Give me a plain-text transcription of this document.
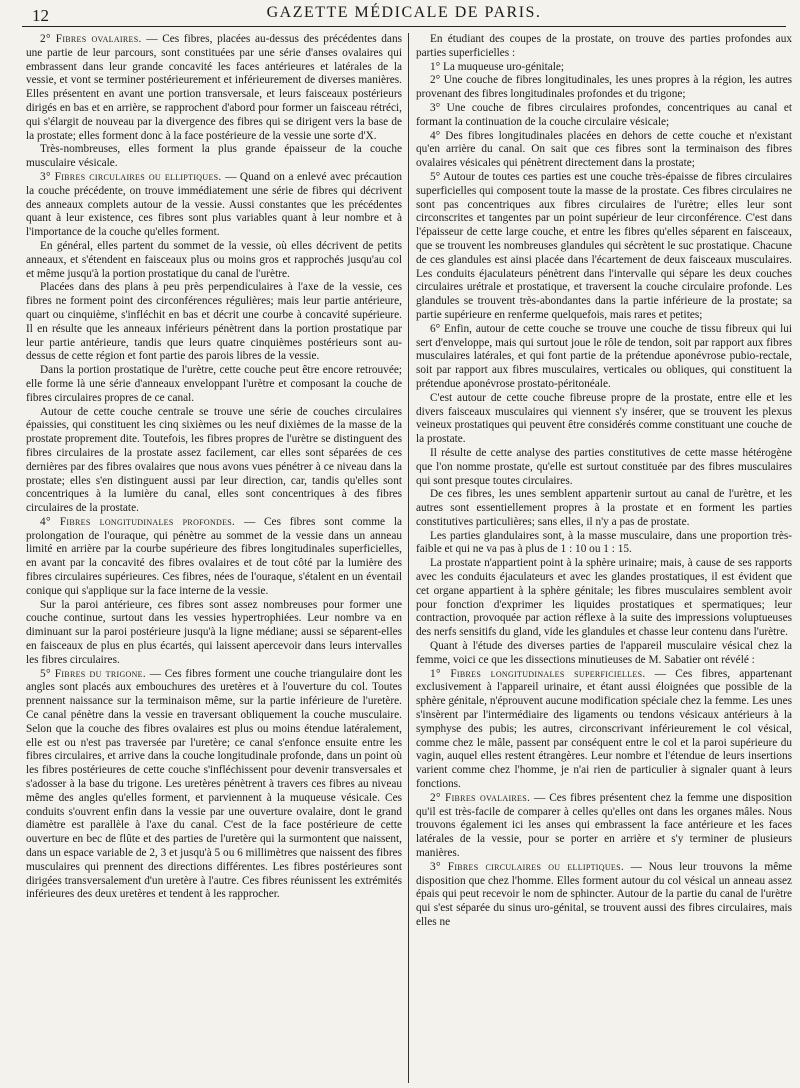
12	GAZETTE MÉDICALE DE PARIS.

2° Fibres ovalaires. — Ces fibres, placées au-dessus des précédentes dans une partie de leur parcours, sont constituées par une série d'anses ovalaires qui embrassent dans leur grande concavité les faces antérieures et latérales de la vessie, et vont se terminer postérieurement et inférieurement de diverses manières. Elles présentent en avant une portion transversale, et leurs faisceaux postérieurs dirigés en bas et en arrière, se rapprochent d'abord pour former un faisceau rétréci, qui s'élargit de nouveau par la divergence des fibres qui se dirigent vers la base de la prostate; elles forment donc à la face postérieure de la vessie une sorte d'X.

Très-nombreuses, elles forment la plus grande épaisseur de la couche musculaire vésicale.

3° Fibres circulaires ou elliptiques. — Quand on a enlevé avec précaution la couche précédente, on trouve immédiatement une série de fibres qui décrivent des anneaux complets autour de la vessie. Aussi constantes que les précédentes quant à leur existence, ces fibres sont plus variables quant à leur nombre et à l'importance de la couche qu'elles forment.

En général, elles partent du sommet de la vessie, où elles décrivent de petits anneaux, et s'étendent en faisceaux plus ou moins gros et rapprochés jusqu'au col et même jusqu'à la portion prostatique du canal de l'urètre.

Placées dans des plans à peu près perpendiculaires à l'axe de la vessie, ces fibres ne forment point des circonférences régulières; mais leur partie antérieure, quart ou cinquième, s'infléchit en bas et décrit une courbe à concavité supérieure. Il en résulte que les anneaux inférieurs pénètrent dans la portion prostatique par leur partie antérieure, tandis que leurs quatre cinquièmes postérieurs sont au-dessus de cette région et font partie des parois libres de la vessie.

Dans la portion prostatique de l'urètre, cette couche peut être encore retrouvée; elle forme là une série d'anneaux enveloppant l'urètre et composant la couche de fibres circulaires propres de ce canal.

Autour de cette couche centrale se trouve une série de couches circulaires épaissies, qui constituent les cinq sixièmes ou les neuf dixièmes de la masse de la prostate proprement dite. Toutefois, les fibres propres de l'urètre se distinguent des fibres circulaires de la prostate assez facilement, car elles sont séparées de ces dernières par des fibres ovalaires que nous avons vues pénétrer à ce niveau dans la prostate; elles s'en distinguent aussi par leur direction, car, tandis qu'elles sont concentriques à la lumière du canal, elles sont concentriques à des fibres circulaires de la prostate.

4° Fibres longitudinales profondes. — Ces fibres sont comme la prolongation de l'ouraque, qui pénètre au sommet de la vessie dans un anneau limité en arrière par la courbe supérieure des fibres longitudinales superficielles, en avant par la concavité des fibres ovalaires et de tout côté par la lumière des fibres circulaires supérieures. Ces fibres, nées de l'ouraque, s'étalent en un éventail conique qui s'applique sur la face interne de la vessie.

Sur la paroi antérieure, ces fibres sont assez nombreuses pour former une couche continue, surtout dans les vessies hypertrophiées. Leur nombre va en diminuant sur la paroi postérieure jusqu'à la ligne médiane; aussi se séparent-elles en faisceaux de plus en plus écartés, qui laissent apercevoir dans leurs intervalles les fibres circulaires.

5° Fibres du trigone. — Ces fibres forment une couche triangulaire dont les angles sont placés aux embouchures des uretères et à l'ouverture du col. Toutes prennent naissance sur la terminaison même, sur la partie inférieure de l'uretère. Ce canal pénètre dans la vessie en traversant obliquement la couche musculaire. Selon que la couche des fibres ovalaires est plus ou moins étendue latéralement, elle est ou n'est pas traversée par l'uretère; ce canal s'enfonce ensuite entre les fibres circulaires, et arrive dans la couche longitudinale profonde, dans un point où les fibres postérieures de cette couche s'infléchissent pour devenir transversales et s'adosser à la base du trigone. Les uretères pénètrent à travers ces fibres au niveau même des angles qu'elles forment, et parviennent à la muqueuse vésicale. Ces conduits s'ouvrent enfin dans la vessie par une ouverture ovalaire, dont le grand diamètre est parallèle à l'axe du canal. C'est de la face postérieure de cette ouverture en bec de flûte et des parties de l'uretère qui la surmontent que naissent, dans un espace variable de 2, 3 et jusqu'à 5 ou 6 millimètres que naissent des fibres musculaires qui prennent des directions différentes. Les fibres postérieures sont dirigées transversalement d'un uretère à l'autre. Ces fibres réunissent les extrémités inférieures des deux uretères et tendent à les rapprocher.

En étudiant des coupes de la prostate, on trouve des parties profondes aux parties superficielles :

1° La muqueuse uro-génitale;

2° Une couche de fibres longitudinales, les unes propres à la région, les autres provenant des fibres longitudinales profondes et du trigone;

3° Une couche de fibres circulaires profondes, concentriques au canal et formant la continuation de la couche circulaire vésicale;

4° Des fibres longitudinales placées en dehors de cette couche et n'existant qu'en arrière du canal. On sait que ces fibres sont la terminaison des fibres ovalaires vésicales qui pénètrent directement dans la prostate;

5° Autour de toutes ces parties est une couche très-épaisse de fibres circulaires superficielles qui composent toute la masse de la prostate. Ces fibres circulaires ne sont pas concentriques aux fibres circulaires de l'urètre; elles leur sont circonscrites et tangentes par un point supérieur de leur circonférence. C'est dans l'épaisseur de cette large couche, et entre les fibres qu'elles séparent en faisceaux, que se trouvent les nombreuses glandules qui sécrètent le suc prostatique. Chacune de ces glandules est ainsi placée dans l'écartement de deux faisceaux musculaires. Les conduits éjaculateurs pénètrent dans l'intervalle qui sépare les deux couches circulaires urétrale et prostatique, et traversent la couche circulaire profonde. Les glandules se trouvent très-abondantes dans la partie inférieure de la prostate; sa partie supérieure en renferme quelquefois, mais rares et petites;

6° Enfin, autour de cette couche se trouve une couche de tissu fibreux qui lui sert d'enveloppe, mais qui surtout joue le rôle de tendon, soit par rapport aux fibres musculaires latérales, et qui font partie de la prétendue aponévrose pubio-rectale, soit par rapport aux fibres musculaires, verticales ou obliques, qui constituent la prétendue aponévrose prostato-péritonéale.

C'est autour de cette couche fibreuse propre de la prostate, entre elle et les divers faisceaux musculaires qui viennent s'y insérer, que se trouvent les plexus veineux prostatiques qui peuvent être considérés comme constituant une couche de la prostate.

Il résulte de cette analyse des parties constitutives de cette masse hétérogène que l'on nomme prostate, qu'elle est surtout constituée par des fibres musculaires qui sont presque toutes circulaires.

De ces fibres, les unes semblent appartenir surtout au canal de l'urètre, et les autres sont essentiellement propres à la prostate et en forment les parties constitutives particulières; sans elles, il n'y a pas de prostate.

Les parties glandulaires sont, à la masse musculaire, dans une proportion très-faible et qui ne va pas à plus de 1 : 10 ou 1 : 15.

La prostate n'appartient point à la sphère urinaire; mais, à cause de ses rapports avec les conduits éjaculateurs et avec les glandes prostatiques, il est évident que cet organe appartient à la sphère génitale; les fibres musculaires semblent avoir pour fonction d'exprimer les liquides prostatiques et spermatiques; leur contraction, provoquée par action réflexe à la suite des impressions voluptueuses des nerfs sensitifs du gland, vide les glandules et chasse leur contenu dans l'urètre.

Quant à l'étude des diverses parties de l'appareil musculaire vésical chez la femme, voici ce que les dissections minutieuses de M. Sabatier ont révélé :

1° Fibres longitudinales superficielles. — Ces fibres, appartenant exclusivement à l'appareil urinaire, et étant aussi éloignées que possible de la sphère génitale, n'éprouvent aucune modification spéciale chez la femme. Les unes s'insèrent par l'intermédiaire des ligaments ou tendons vésicaux antérieurs à la symphyse des pubis; les autres, circonscrivant inférieurement le col vésical, comme chez le mâle, passent par conséquent entre le col et la paroi supérieure du vagin, auquel elles restent étrangères. Leur nombre et l'étendue de leurs insertions varient comme chez l'homme, je n'ai rien de particulier à signaler quant à leurs fonctions.

2° Fibres ovalaires. — Ces fibres présentent chez la femme une disposition qu'il est très-facile de comparer à celles qu'elles ont dans les organes mâles. Nous trouvons également ici les anses qui embrassent la face antérieure et les faces latérales de la vessie, pour se porter en arrière et s'y terminer de plusieurs manières.

3° Fibres circulaires ou elliptiques. — Nous leur trouvons la même disposition que chez l'homme. Elles forment autour du col vésical un anneau assez épais qui peut recevoir le nom de sphincter. Autour de la partie du canal de l'urètre qui s'est séparée du sinus uro-génital, se trouvent aussi des fibres circulaires, mais elles ne
